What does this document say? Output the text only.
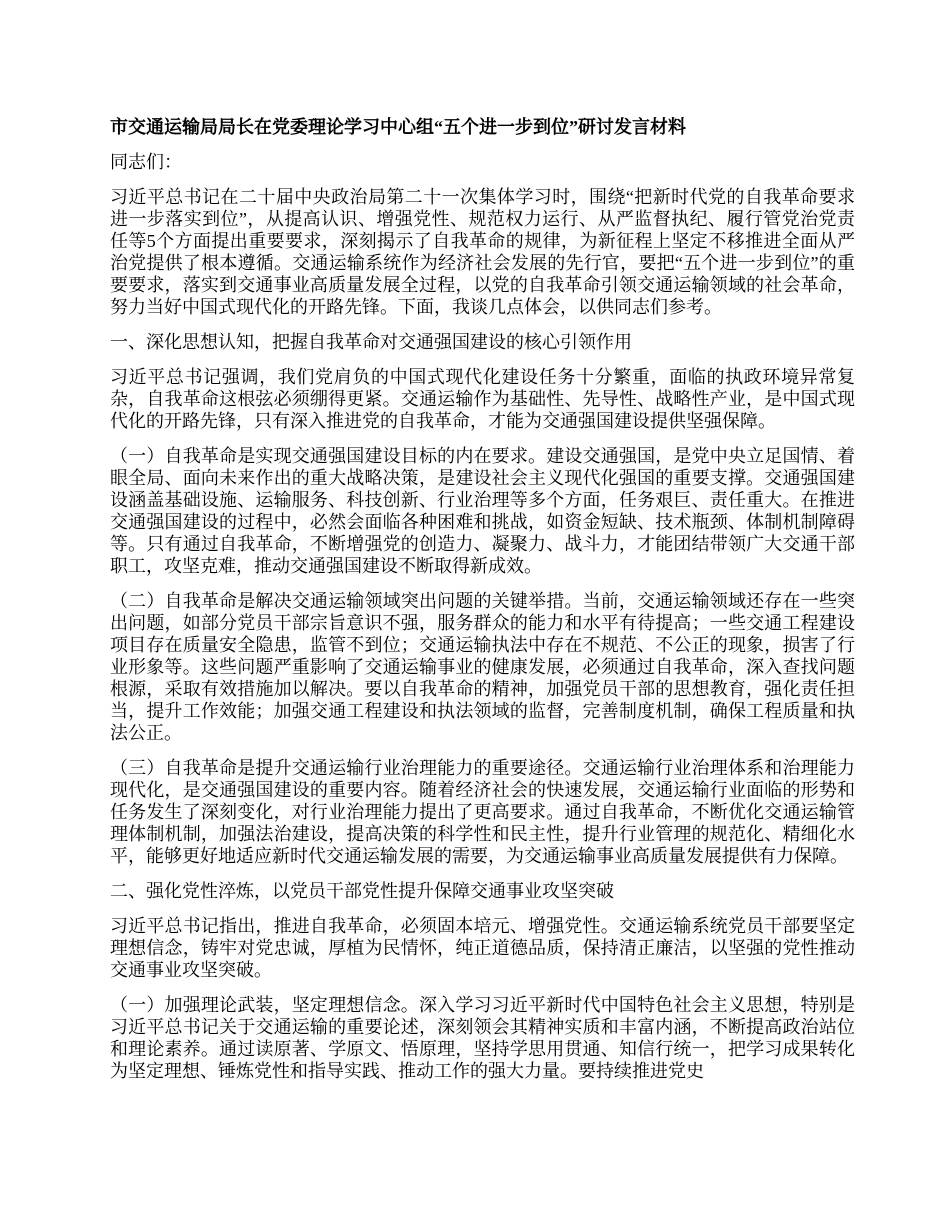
市交通运输局局长在党委理论学习中心组“五个进一步到位”研讨发言材料

同志们：

习近平总书记在二十届中央政治局第二十一次集体学习时，围绕“把新时代党的自我革命要求进一步落实到位”，从提高认识、增强党性、规范权力运行、从严监督执纪、履行管党治党责任等5个方面提出重要要求，深刻揭示了自我革命的规律，为新征程上坚定不移推进全面从严治党提供了根本遵循。交通运输系统作为经济社会发展的先行官，要把“五个进一步到位”的重要要求，落实到交通事业高质量发展全过程，以党的自我革命引领交通运输领域的社会革命，努力当好中国式现代化的开路先锋。下面，我谈几点体会，以供同志们参考。

一、深化思想认知，把握自我革命对交通强国建设的核心引领作用

习近平总书记强调，我们党肩负的中国式现代化建设任务十分繁重，面临的执政环境异常复杂，自我革命这根弦必须绷得更紧。交通运输作为基础性、先导性、战略性产业，是中国式现代化的开路先锋，只有深入推进党的自我革命，才能为交通强国建设提供坚强保障。

（一）自我革命是实现交通强国建设目标的内在要求。建设交通强国，是党中央立足国情、着眼全局、面向未来作出的重大战略决策，是建设社会主义现代化强国的重要支撑。交通强国建设涵盖基础设施、运输服务、科技创新、行业治理等多个方面，任务艰巨、责任重大。在推进交通强国建设的过程中，必然会面临各种困难和挑战，如资金短缺、技术瓶颈、体制机制障碍等。只有通过自我革命，不断增强党的创造力、凝聚力、战斗力，才能团结带领广大交通干部职工，攻坚克难，推动交通强国建设不断取得新成效。

（二）自我革命是解决交通运输领域突出问题的关键举措。当前，交通运输领域还存在一些突出问题，如部分党员干部宗旨意识不强，服务群众的能力和水平有待提高；一些交通工程建设项目存在质量安全隐患，监管不到位；交通运输执法中存在不规范、不公正的现象，损害了行业形象等。这些问题严重影响了交通运输事业的健康发展，必须通过自我革命，深入查找问题根源，采取有效措施加以解决。要以自我革命的精神，加强党员干部的思想教育，强化责任担当，提升工作效能；加强交通工程建设和执法领域的监督，完善制度机制，确保工程质量和执法公正。

（三）自我革命是提升交通运输行业治理能力的重要途径。交通运输行业治理体系和治理能力现代化，是交通强国建设的重要内容。随着经济社会的快速发展，交通运输行业面临的形势和任务发生了深刻变化，对行业治理能力提出了更高要求。通过自我革命，不断优化交通运输管理体制机制，加强法治建设，提高决策的科学性和民主性，提升行业管理的规范化、精细化水平，能够更好地适应新时代交通运输发展的需要，为交通运输事业高质量发展提供有力保障。

二、强化党性淬炼，以党员干部党性提升保障交通事业攻坚突破

习近平总书记指出，推进自我革命，必须固本培元、增强党性。交通运输系统党员干部要坚定理想信念，铸牢对党忠诚，厚植为民情怀，纯正道德品质，保持清正廉洁，以坚强的党性推动交通事业攻坚突破。

（一）加强理论武装，坚定理想信念。深入学习习近平新时代中国特色社会主义思想，特别是习近平总书记关于交通运输的重要论述，深刻领会其精神实质和丰富内涵，不断提高政治站位和理论素养。通过读原著、学原文、悟原理，坚持学思用贯通、知信行统一，把学习成果转化为坚定理想、锤炼党性和指导实践、推动工作的强大力量。要持续推进党史
